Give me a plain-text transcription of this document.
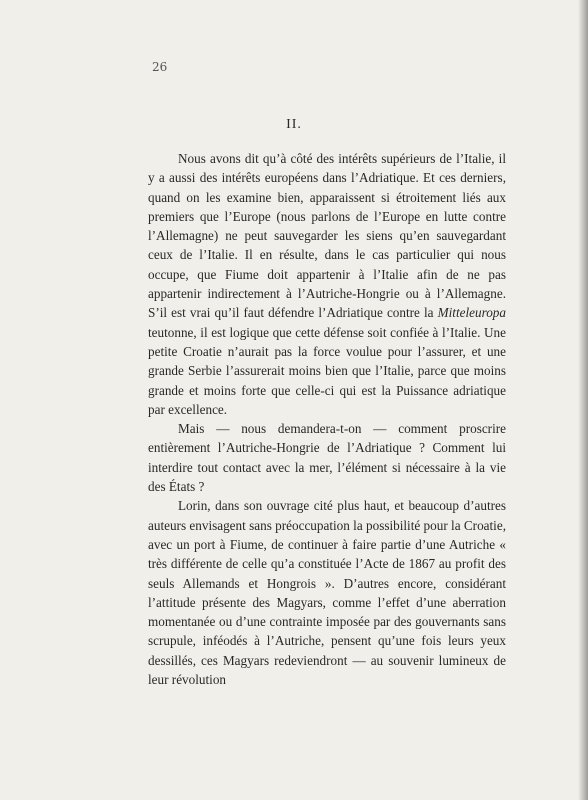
26
II.

Nous avons dit qu’à côté des intérêts supérieurs de l’Italie, il y a aussi des intérêts européens dans l’Adriatique. Et ces derniers, quand on les examine bien, apparaissent si étroitement liés aux premiers que l’Europe (nous parlons de l’Europe en lutte contre l’Allemagne) ne peut sauvegarder les siens qu’en sauvegardant ceux de l’Italie. Il en résulte, dans le cas particulier qui nous occupe, que Fiume doit appartenir à l’Italie afin de ne pas appartenir indirectement à l’Autriche-Hongrie ou à l’Allemagne. S’il est vrai qu’il faut défendre l’Adriatique contre la Mitteleuropa teutonne, il est logique que cette défense soit confiée à l’Italie. Une petite Croatie n’aurait pas la force voulue pour l’assurer, et une grande Serbie l’assurerait moins bien que l’Italie, parce que moins grande et moins forte que celle-ci qui est la Puissance adriatique par excellence.

Mais — nous demandera-t-on — comment proscrire entièrement l’Autriche-Hongrie de l’Adriatique ? Comment lui interdire tout contact avec la mer, l’élément si nécessaire à la vie des États ?

Lorin, dans son ouvrage cité plus haut, et beaucoup d’autres auteurs envisagent sans préoccupation la possibilité pour la Croatie, avec un port à Fiume, de continuer à faire partie d’une Autriche « très différente de celle qu’a constituée l’Acte de 1867 au profit des seuls Allemands et Hongrois ». D’autres encore, considérant l’attitude présente des Magyars, comme l’effet d’une aberration momentanée ou d’une contrainte imposée par des gouvernants sans scrupule, inféodés à l’Autriche, pensent qu’une fois leurs yeux dessillés, ces Magyars redeviendront — au souvenir lumineux de leur révolution
